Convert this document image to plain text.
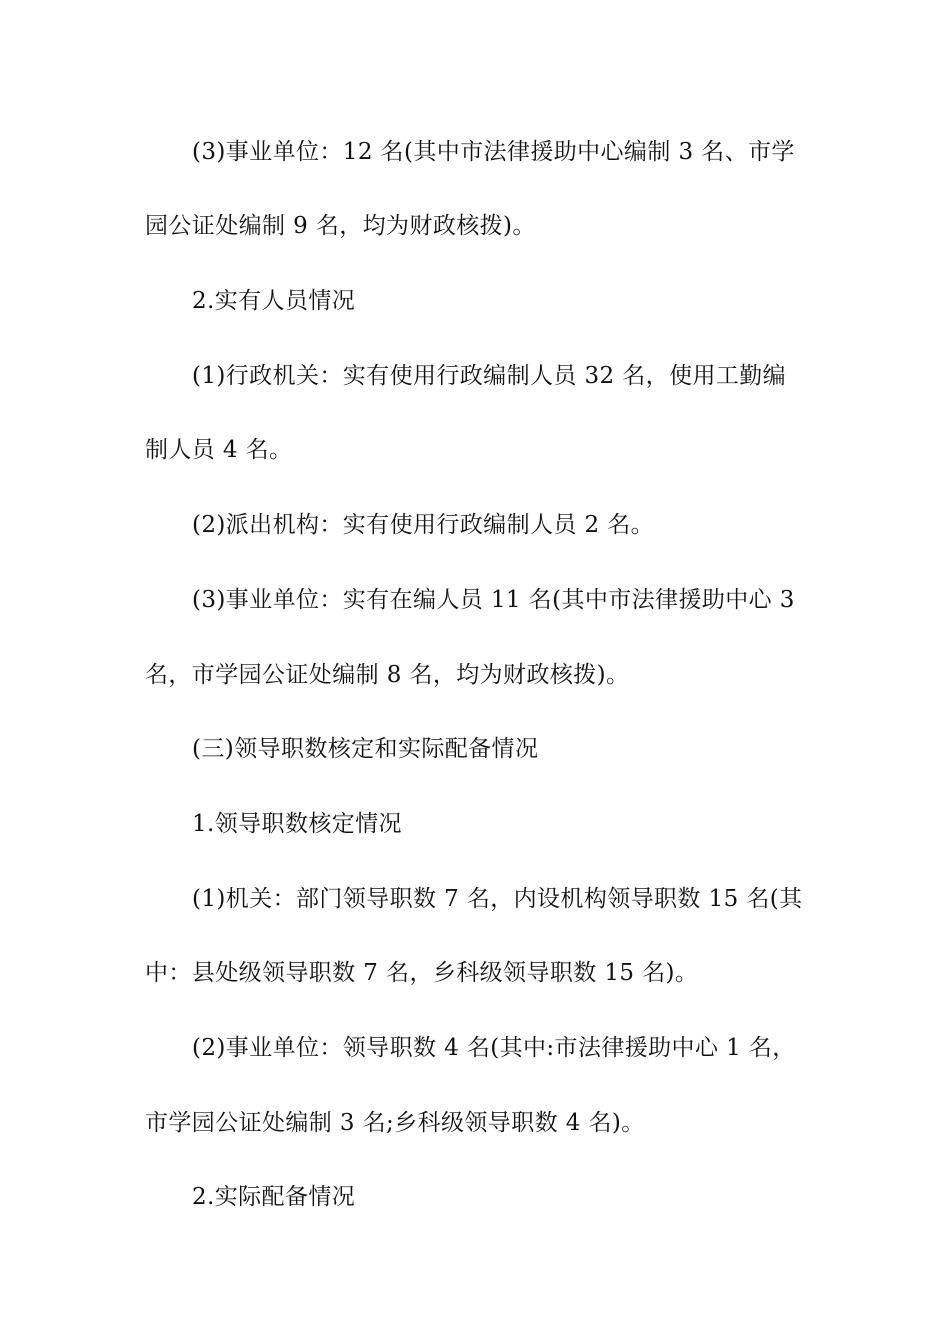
(3)事业单位：12 名(其中市法律援助中心编制 3 名、市学
园公证处编制 9 名，均为财政核拨)。
2.实有人员情况
(1)行政机关：实有使用行政编制人员 32 名，使用工勤编
制人员 4 名。
(2)派出机构：实有使用行政编制人员 2 名。
(3)事业单位：实有在编人员 11 名(其中市法律援助中心 3
名，市学园公证处编制 8 名，均为财政核拨)。
(三)领导职数核定和实际配备情况
1.领导职数核定情况
(1)机关：部门领导职数 7 名，内设机构领导职数 15 名(其
中：县处级领导职数 7 名，乡科级领导职数 15 名)。
(2)事业单位：领导职数 4 名(其中:市法律援助中心 1 名，
市学园公证处编制 3 名;乡科级领导职数 4 名)。
2.实际配备情况
